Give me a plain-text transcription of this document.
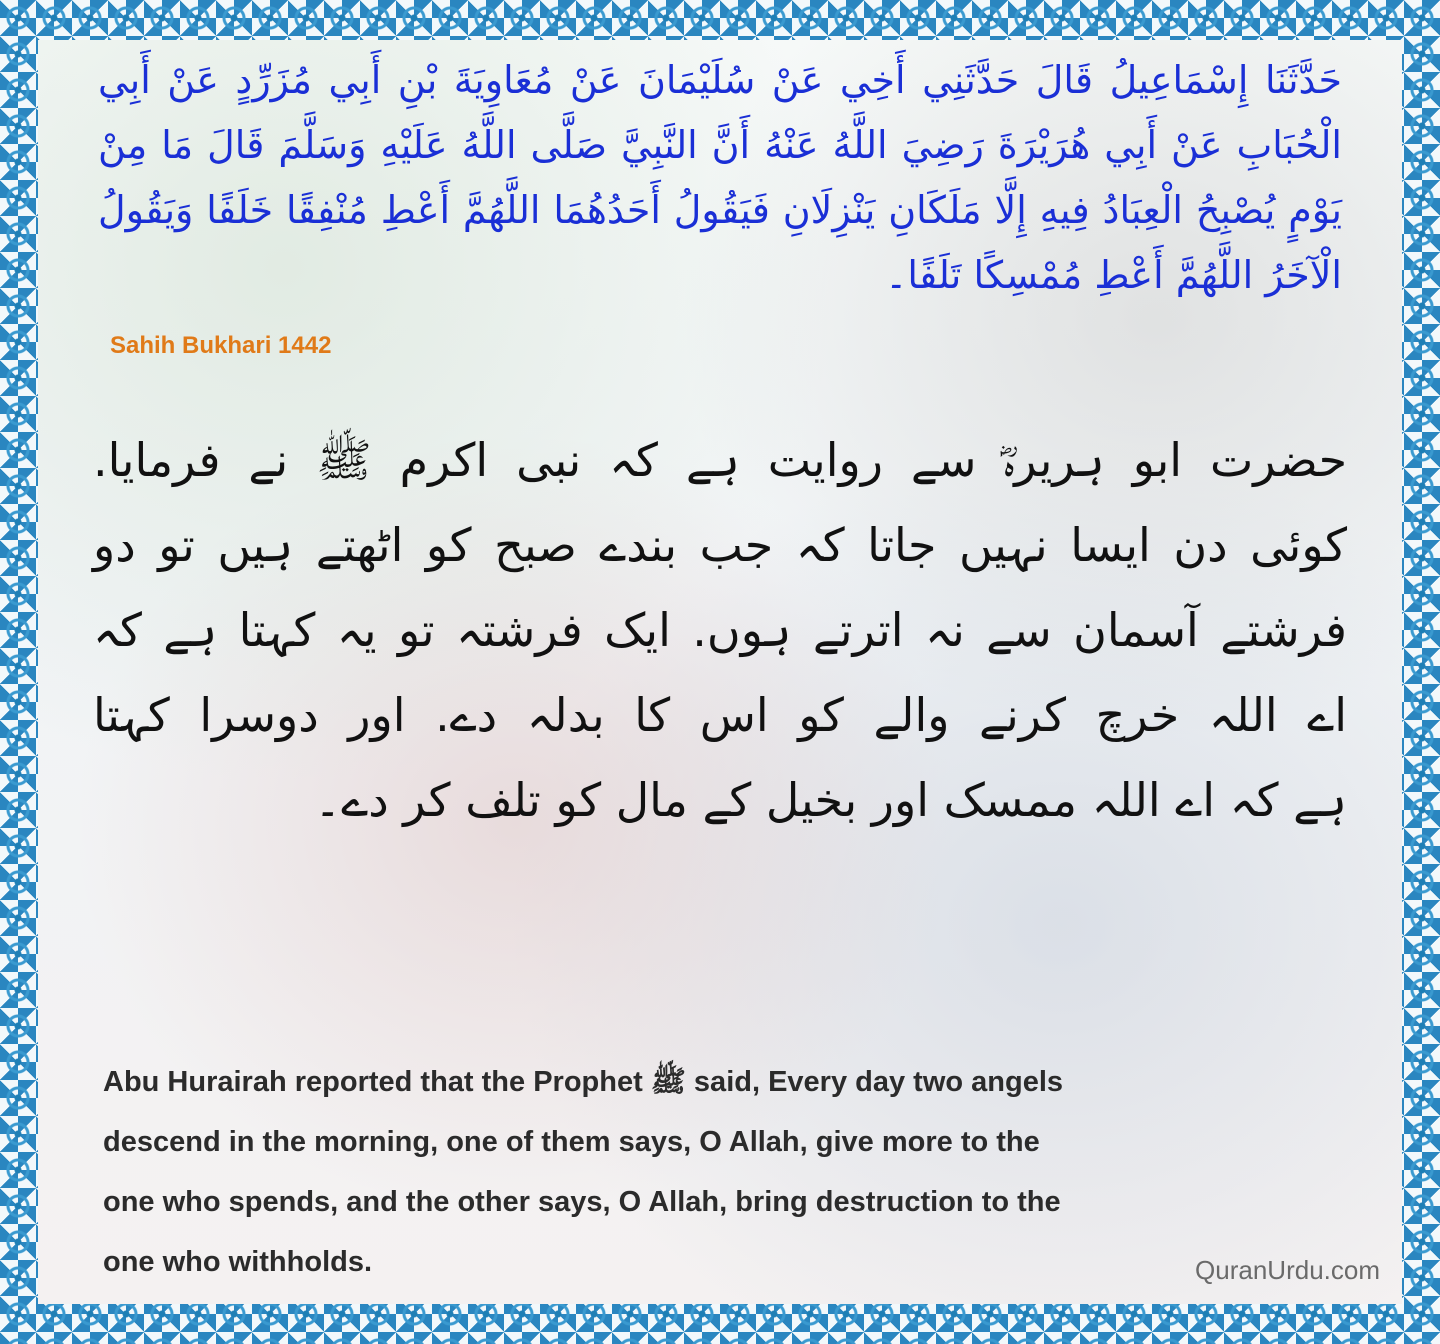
حَدَّثَنَا إِسْمَاعِيلُ قَالَ حَدَّثَنِي أَخِي عَنْ سُلَيْمَانَ عَنْ مُعَاوِيَةَ بْنِ أَبِي مُزَرِّدٍ عَنْ أَبِي الْحُبَابِ عَنْ أَبِي هُرَيْرَةَ رَضِيَ اللَّهُ عَنْهُ أَنَّ النَّبِيَّ صَلَّى اللَّهُ عَلَيْهِ وَسَلَّمَ قَالَ مَا مِنْ يَوْمٍ يُصْبِحُ الْعِبَادُ فِيهِ إِلَّا مَلَكَانِ يَنْزِلَانِ فَيَقُولُ أَحَدُهُمَا اللَّهُمَّ أَعْطِ مُنْفِقًا خَلَفًا وَيَقُولُ الْآخَرُ اللَّهُمَّ أَعْطِ مُمْسِكًا تَلَفًا۔
Sahih Bukhari 1442
حضرت ابو ہریرہؓ سے روایت ہے کہ نبی اکرم ﷺ نے فرمایا.
کوئی دن ایسا نہیں جاتا کہ جب بندے صبح کو اٹھتے ہیں تو دو
فرشتے آسمان سے نہ اترتے ہوں. ایک فرشتہ تو یہ کہتا ہے کہ
اے اللہ خرچ کرنے والے کو اس کا بدلہ دے. اور دوسرا کہتا
ہے کہ اے اللہ ممسک اور بخیل کے مال کو تلف کر دے۔
Abu Hurairah reported that the Prophet ﷺ said, Every day two angels
descend in the morning, one of them says, O Allah, give more to the
one who spends, and the other says, O Allah, bring destruction to the
one who withholds.	QuranUrdu.com
